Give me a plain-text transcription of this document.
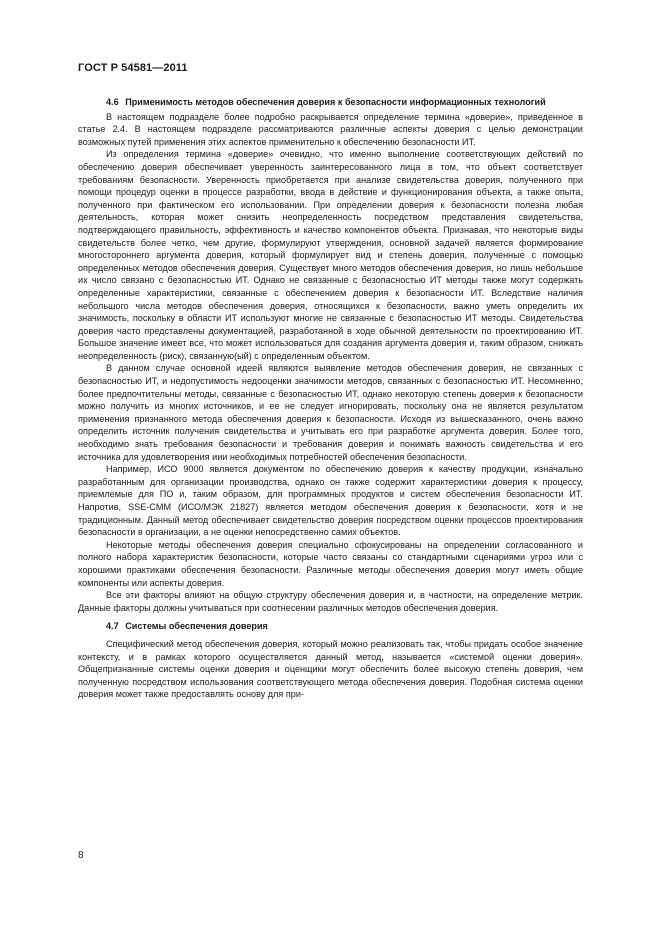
ГОСТ Р 54581—2011
4.6 Применимость методов обеспечения доверия к безопасности информационных технологий

В настоящем подразделе более подробно раскрывается определение термина «доверие», приведенное в статье 2.4. В настоящем подразделе рассматриваются различные аспекты доверия с целью демонстрации возможных путей применения этих аспектов применительно к обеспечению безопасности ИТ.

Из определения термина «доверие» очевидно, что именно выполнение соответствующих действий по обеспечению доверия обеспечивает уверенность заинтересованного лица в том, что объект соответствует требованиям безопасности. Уверенность приобретается при анализе свидетельства доверия, полученного при помощи процедур оценки в процессе разработки, ввода в действие и функционирования объекта, а также опыта, полученного при фактическом его использовании. При определении доверия к безопасности полезна любая деятельность, которая может снизить неопределенность посредством представления свидетельства, подтверждающего правильность, эффективность и качество компонентов объекта. Признавая, что некоторые виды свидетельств более четко, чем другие, формулируют утверждения, основной задачей является формирование многостороннего аргумента доверия, который формулирует вид и степень доверия, полученные с помощью определенных методов обеспечения доверия. Существует много методов обеспечения доверия, но лишь небольшое их число связано с безопасностью ИТ. Однако не связанные с безопасностью ИТ методы также могут содержать определенные характеристики, связанные с обеспечением доверия к безопасности ИТ. Вследствие наличия небольшого числа методов обеспечения доверия, относящихся к безопасности, важно уметь определить их значимость, поскольку в области ИТ используют многие не связанные с безопасностью ИТ методы. Свидетельства доверия часто представлены документацией, разработанной в ходе обычной деятельности по проектированию ИТ. Большое значение имеет все, что может использоваться для создания аргумента доверия и, таким образом, снижать неопределенность (риск), связанную(ый) с определенным объектом.

В данном случае основной идеей являются выявление методов обеспечения доверия, не связанных с безопасностью ИТ, и недопустимость недооценки значимости методов, связанных с безопасностью ИТ. Несомненно, более предпочтительны методы, связанные с безопасностью ИТ, однако некоторую степень доверия к безопасности можно получить из многих источников, и ее не следует игнорировать, поскольку она не является результатом применения признанного метода обеспечения доверия к безопасности. Исходя из вышесказанного, очень важно определить источник получения свидетельства и учитывать его при разработке аргумента доверия. Более того, необходимо знать требования безопасности и требования доверия и понимать важность свидетельства и его источника для удовлетворения иии необходимых потребностей обеспечения безопасности.

Например, ИСО 9000 является документом по обеспечению доверия к качеству продукции, изначально разработанным для организации производства, однако он также содержит характеристики доверия к процессу, приемлемые для ПО и, таким образом, для программных продуктов и систем обеспечения безопасности ИТ. Напротив, SSE-CMM (ИСО/МЭК 21827) является методом обеспечения доверия к безопасности, хотя и не традиционным. Данный метод обеспечивает свидетельство доверия посредством оценки процессов проектирования безопасности в организации, а не оценки непосредственно самих объектов.

Некоторые методы обеспечения доверия специально сфокусированы на определении согласованного и полного набора характеристик безопасности, которые часто связаны со стандартными сценариями угроз или с хорошими практиками обеспечения безопасности. Различные методы обеспечения доверия могут иметь общие компоненты или аспекты доверия.

Все эти факторы влияют на общую структуру обеспечения доверия и, в частности, на определение метрик. Данные факторы должны учитываться при соотнесении различных методов обеспечения доверия.

4.7 Системы обеспечения доверия

Специфический метод обеспечения доверия, который можно реализовать так, чтобы придать особое значение контексту, и в рамках которого осуществляется данный метод, называется «системой оценки доверия». Общепризнанные системы оценки доверия и оценщики могут обеспечить более высокую степень доверия, чем полученную посредством использования соответствующего метода обеспечения доверия. Подобная система оценки доверия может также предоставлять основу для при-

8
